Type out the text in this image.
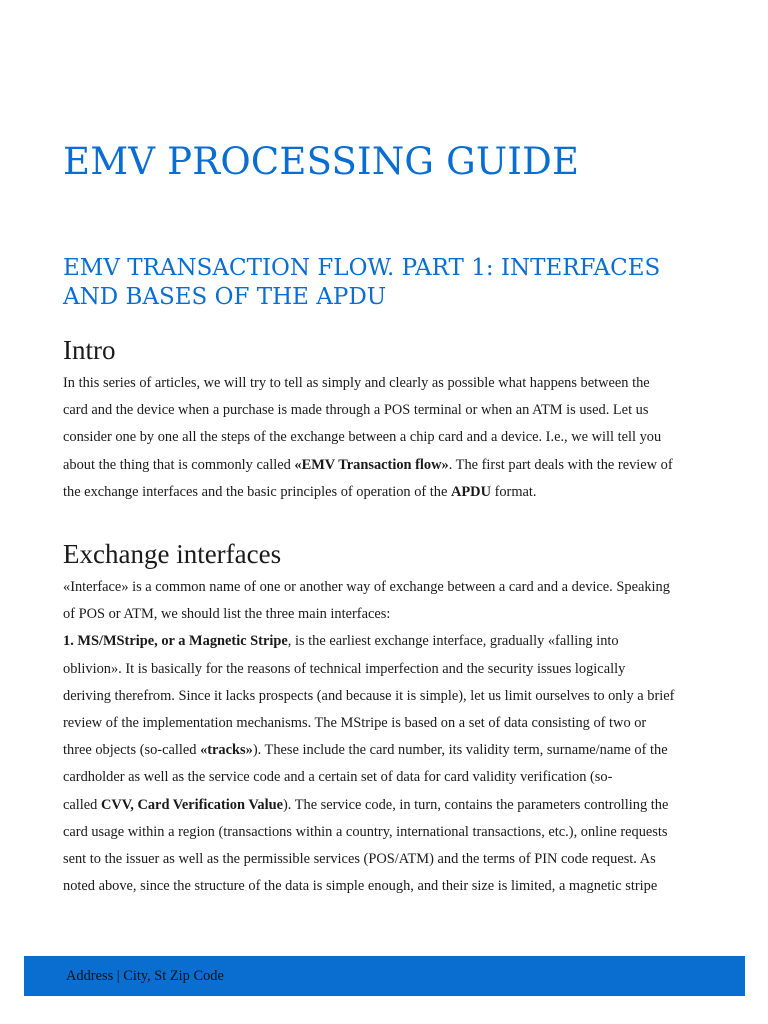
EMV PROCESSING GUIDE
EMV TRANSACTION FLOW. PART 1: INTERFACES AND BASES OF THE APDU
Intro
In this series of articles, we will try to tell as simply and clearly as possible what happens between the
card and the device when a purchase is made through a POS terminal or when an ATM is used. Let us
consider one by one all the steps of the exchange between a chip card and a device. I.e., we will tell you
about the thing that is commonly called «EMV Transaction flow». The first part deals with the review of
the exchange interfaces and the basic principles of operation of the APDU format.
Exchange interfaces
«Interface» is a common name of one or another way of exchange between a card and a device. Speaking
of POS or ATM, we should list the three main interfaces:
1. MS/MStripe, or a Magnetic Stripe, is the earliest exchange interface, gradually «falling into
oblivion». It is basically for the reasons of technical imperfection and the security issues logically
deriving therefrom. Since it lacks prospects (and because it is simple), let us limit ourselves to only a brief
review of the implementation mechanisms. The MStripe is based on a set of data consisting of two or
three objects (so-called «tracks»). These include the card number, its validity term, surname/name of the
cardholder as well as the service code and a certain set of data for card validity verification (so-
called CVV, Card Verification Value). The service code, in turn, contains the parameters controlling the
card usage within a region (transactions within a country, international transactions, etc.), online requests
sent to the issuer as well as the permissible services (POS/ATM) and the terms of PIN code request. As
noted above, since the structure of the data is simple enough, and their size is limited, a magnetic stripe
Address | City, St Zip Code
